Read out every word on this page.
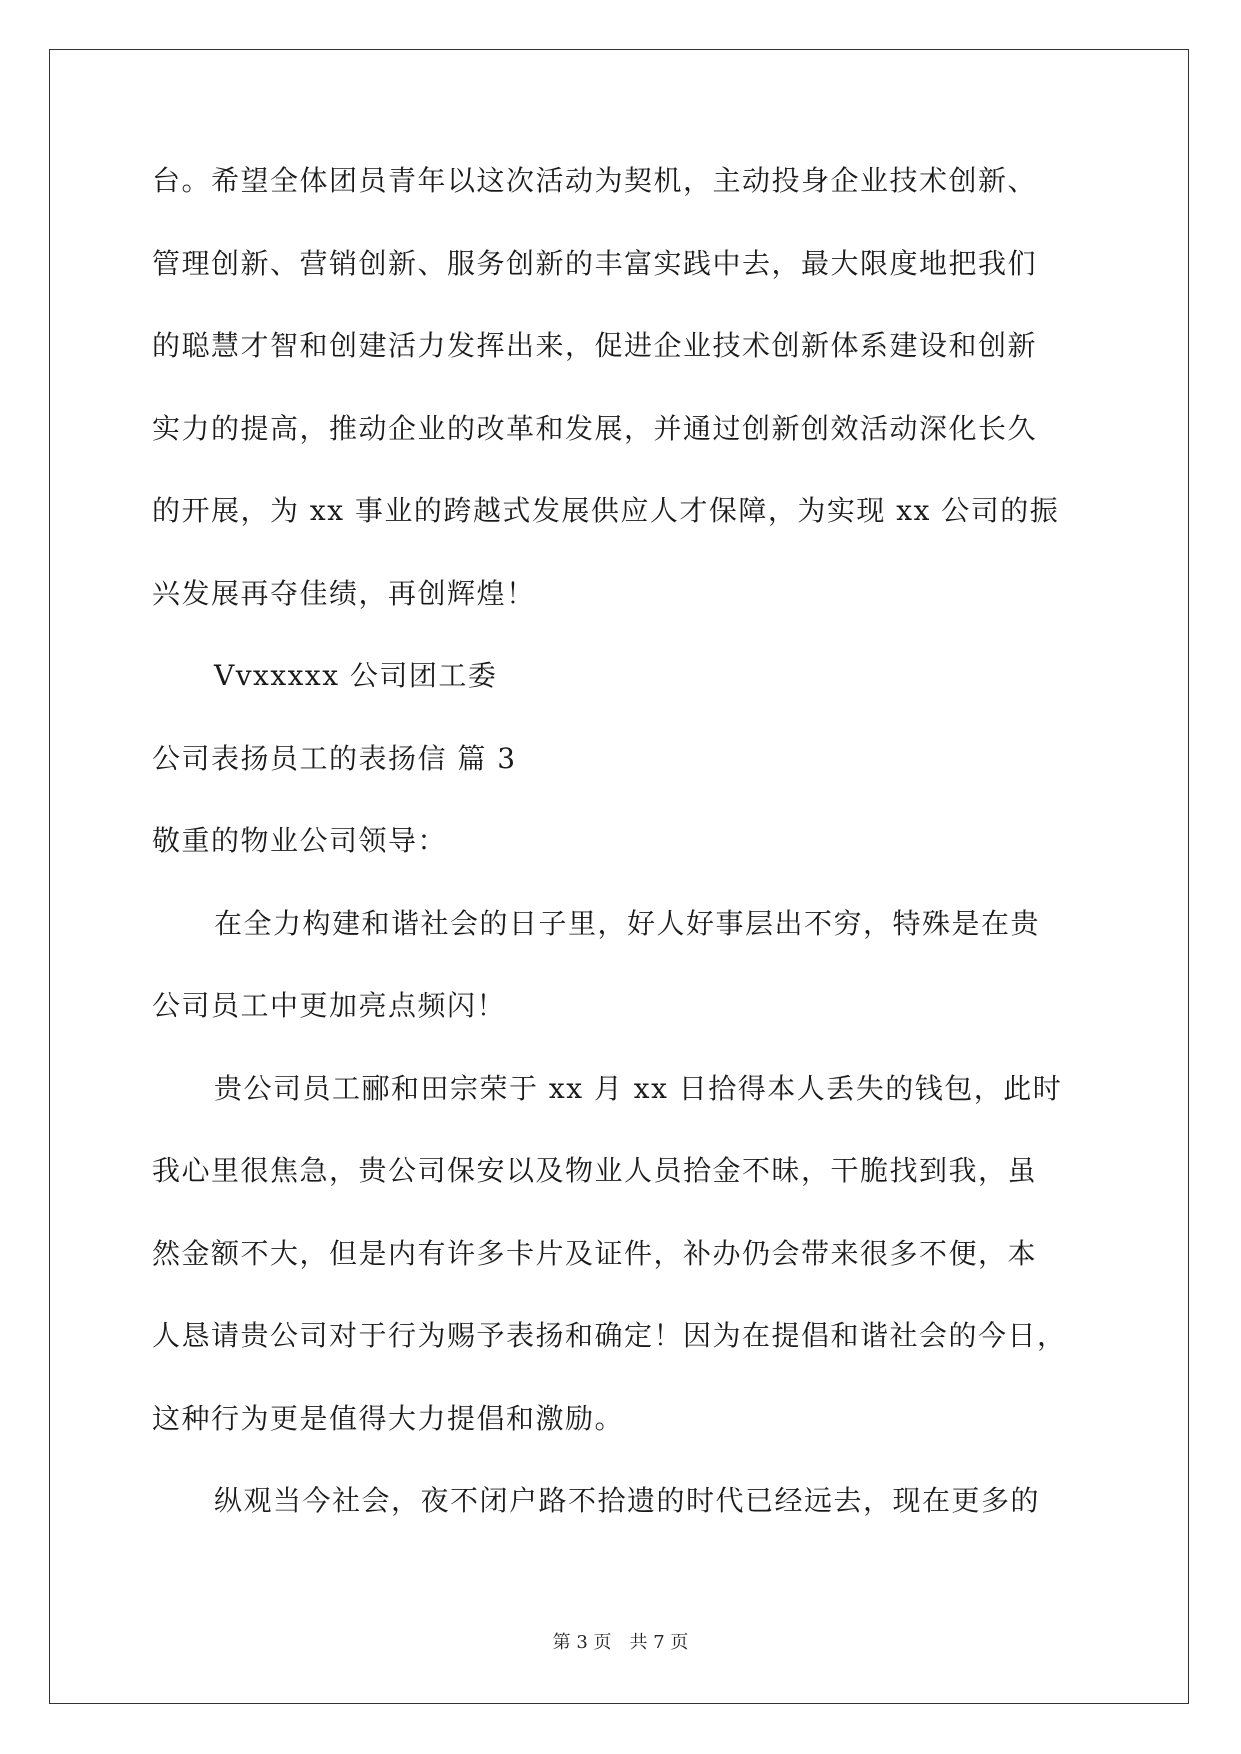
台。希望全体团员青年以这次活动为契机，主动投身企业技术创新、
管理创新、营销创新、服务创新的丰富实践中去，最大限度地把我们
的聪慧才智和创建活力发挥出来，促进企业技术创新体系建设和创新
实力的提高，推动企业的改革和发展，并通过创新创效活动深化长久
的开展，为 xx 事业的跨越式发展供应人才保障，为实现 xx 公司的振
兴发展再夺佳绩，再创辉煌！
Vvxxxxx 公司团工委
公司表扬员工的表扬信 篇 3
敬重的物业公司领导：
在全力构建和谐社会的日子里，好人好事层出不穷，特殊是在贵
公司员工中更加亮点频闪！
贵公司员工郦和田宗荣于 xx 月 xx 日拾得本人丢失的钱包，此时
我心里很焦急，贵公司保安以及物业人员拾金不昧，干脆找到我，虽
然金额不大，但是内有许多卡片及证件，补办仍会带来很多不便，本
人恳请贵公司对于行为赐予表扬和确定！因为在提倡和谐社会的今日，
这种行为更是值得大力提倡和激励。
纵观当今社会，夜不闭户路不拾遗的时代已经远去，现在更多的
第 3 页 共 7 页
